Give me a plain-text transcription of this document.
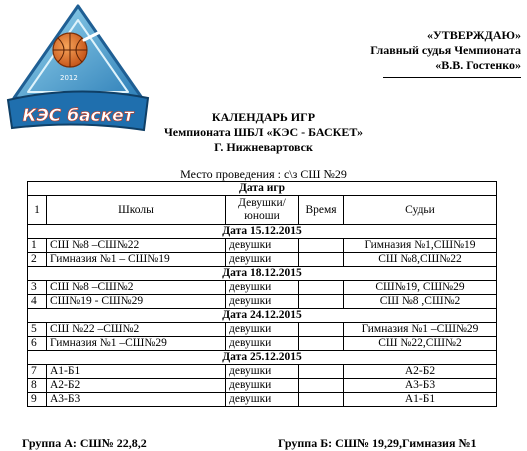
2012
КЭС баскет
«УТВЕРЖДАЮ»
Главный судья Чемпионата
«В.В. Гостенко»
КАЛЕНДАРЬ ИГР
Чемпионата ШБЛ «КЭС - БАСКЕТ»
Г. Нижневартовск
Место проведения : с\з СШ №29
Дата игр				
1	Школы	Девушки/ юноши	Время	Судьи
Дата 15.12.2015				
1	СШ №8 –СШ№22	девушки		Гимназия №1,СШ№19
2	Гимназия №1 – СШ№19	девушки		СШ №8,СШ№22
Дата 18.12.2015				
3	СШ №8 –СШ№2	девушки		СШ№19, СШ№29
4	СШ№19 - СШ№29	девушки		СШ №8 ,СШ№2
Дата 24.12.2015				
5	СШ №22 –СШ№2	девушки		Гимназия №1 –СШ№29
6	Гимназия №1 –СШ№29	девушки		СШ №22,СШ№2
Дата 25.12.2015				
7	А1-Б1	девушки		А2-Б2
8	А2-Б2	девушки		А3-Б3
9	А3-Б3	девушки		А1-Б1
Группа А: СШ№ 22,8,2	Группа Б: СШ№ 19,29,Гимназия №1
